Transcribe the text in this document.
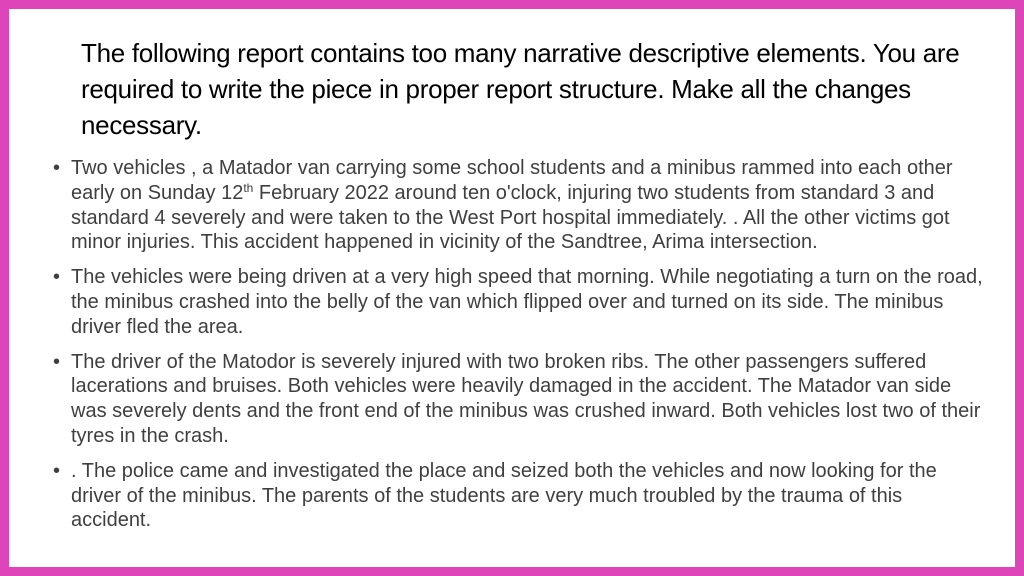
The following report contains too many narrative descriptive elements. You are required to write the piece in proper report structure. Make all the changes necessary.
• Two vehicles , a Matador van carrying some school students and a minibus rammed into each other early on Sunday 12th February 2022 around ten o'clock, injuring two students from standard 3 and standard 4 severely and were taken to the West Port hospital immediately. . All the other victims got minor injuries. This accident happened in vicinity of the Sandtree, Arima intersection.
• The vehicles were being driven at a very high speed that morning. While negotiating a turn on the road, the minibus crashed into the belly of the van which flipped over and turned on its side. The minibus driver fled the area.
• The driver of the Matodor is severely injured with two broken ribs. The other passengers suffered lacerations and bruises. Both vehicles were heavily damaged in the accident. The Matador van side was severely dents and the front end of the minibus was crushed inward. Both vehicles lost two of their tyres in the crash.
• . The police came and investigated the place and seized both the vehicles and now looking for the driver of the minibus. The parents of the students are very much troubled by the trauma of this accident.
